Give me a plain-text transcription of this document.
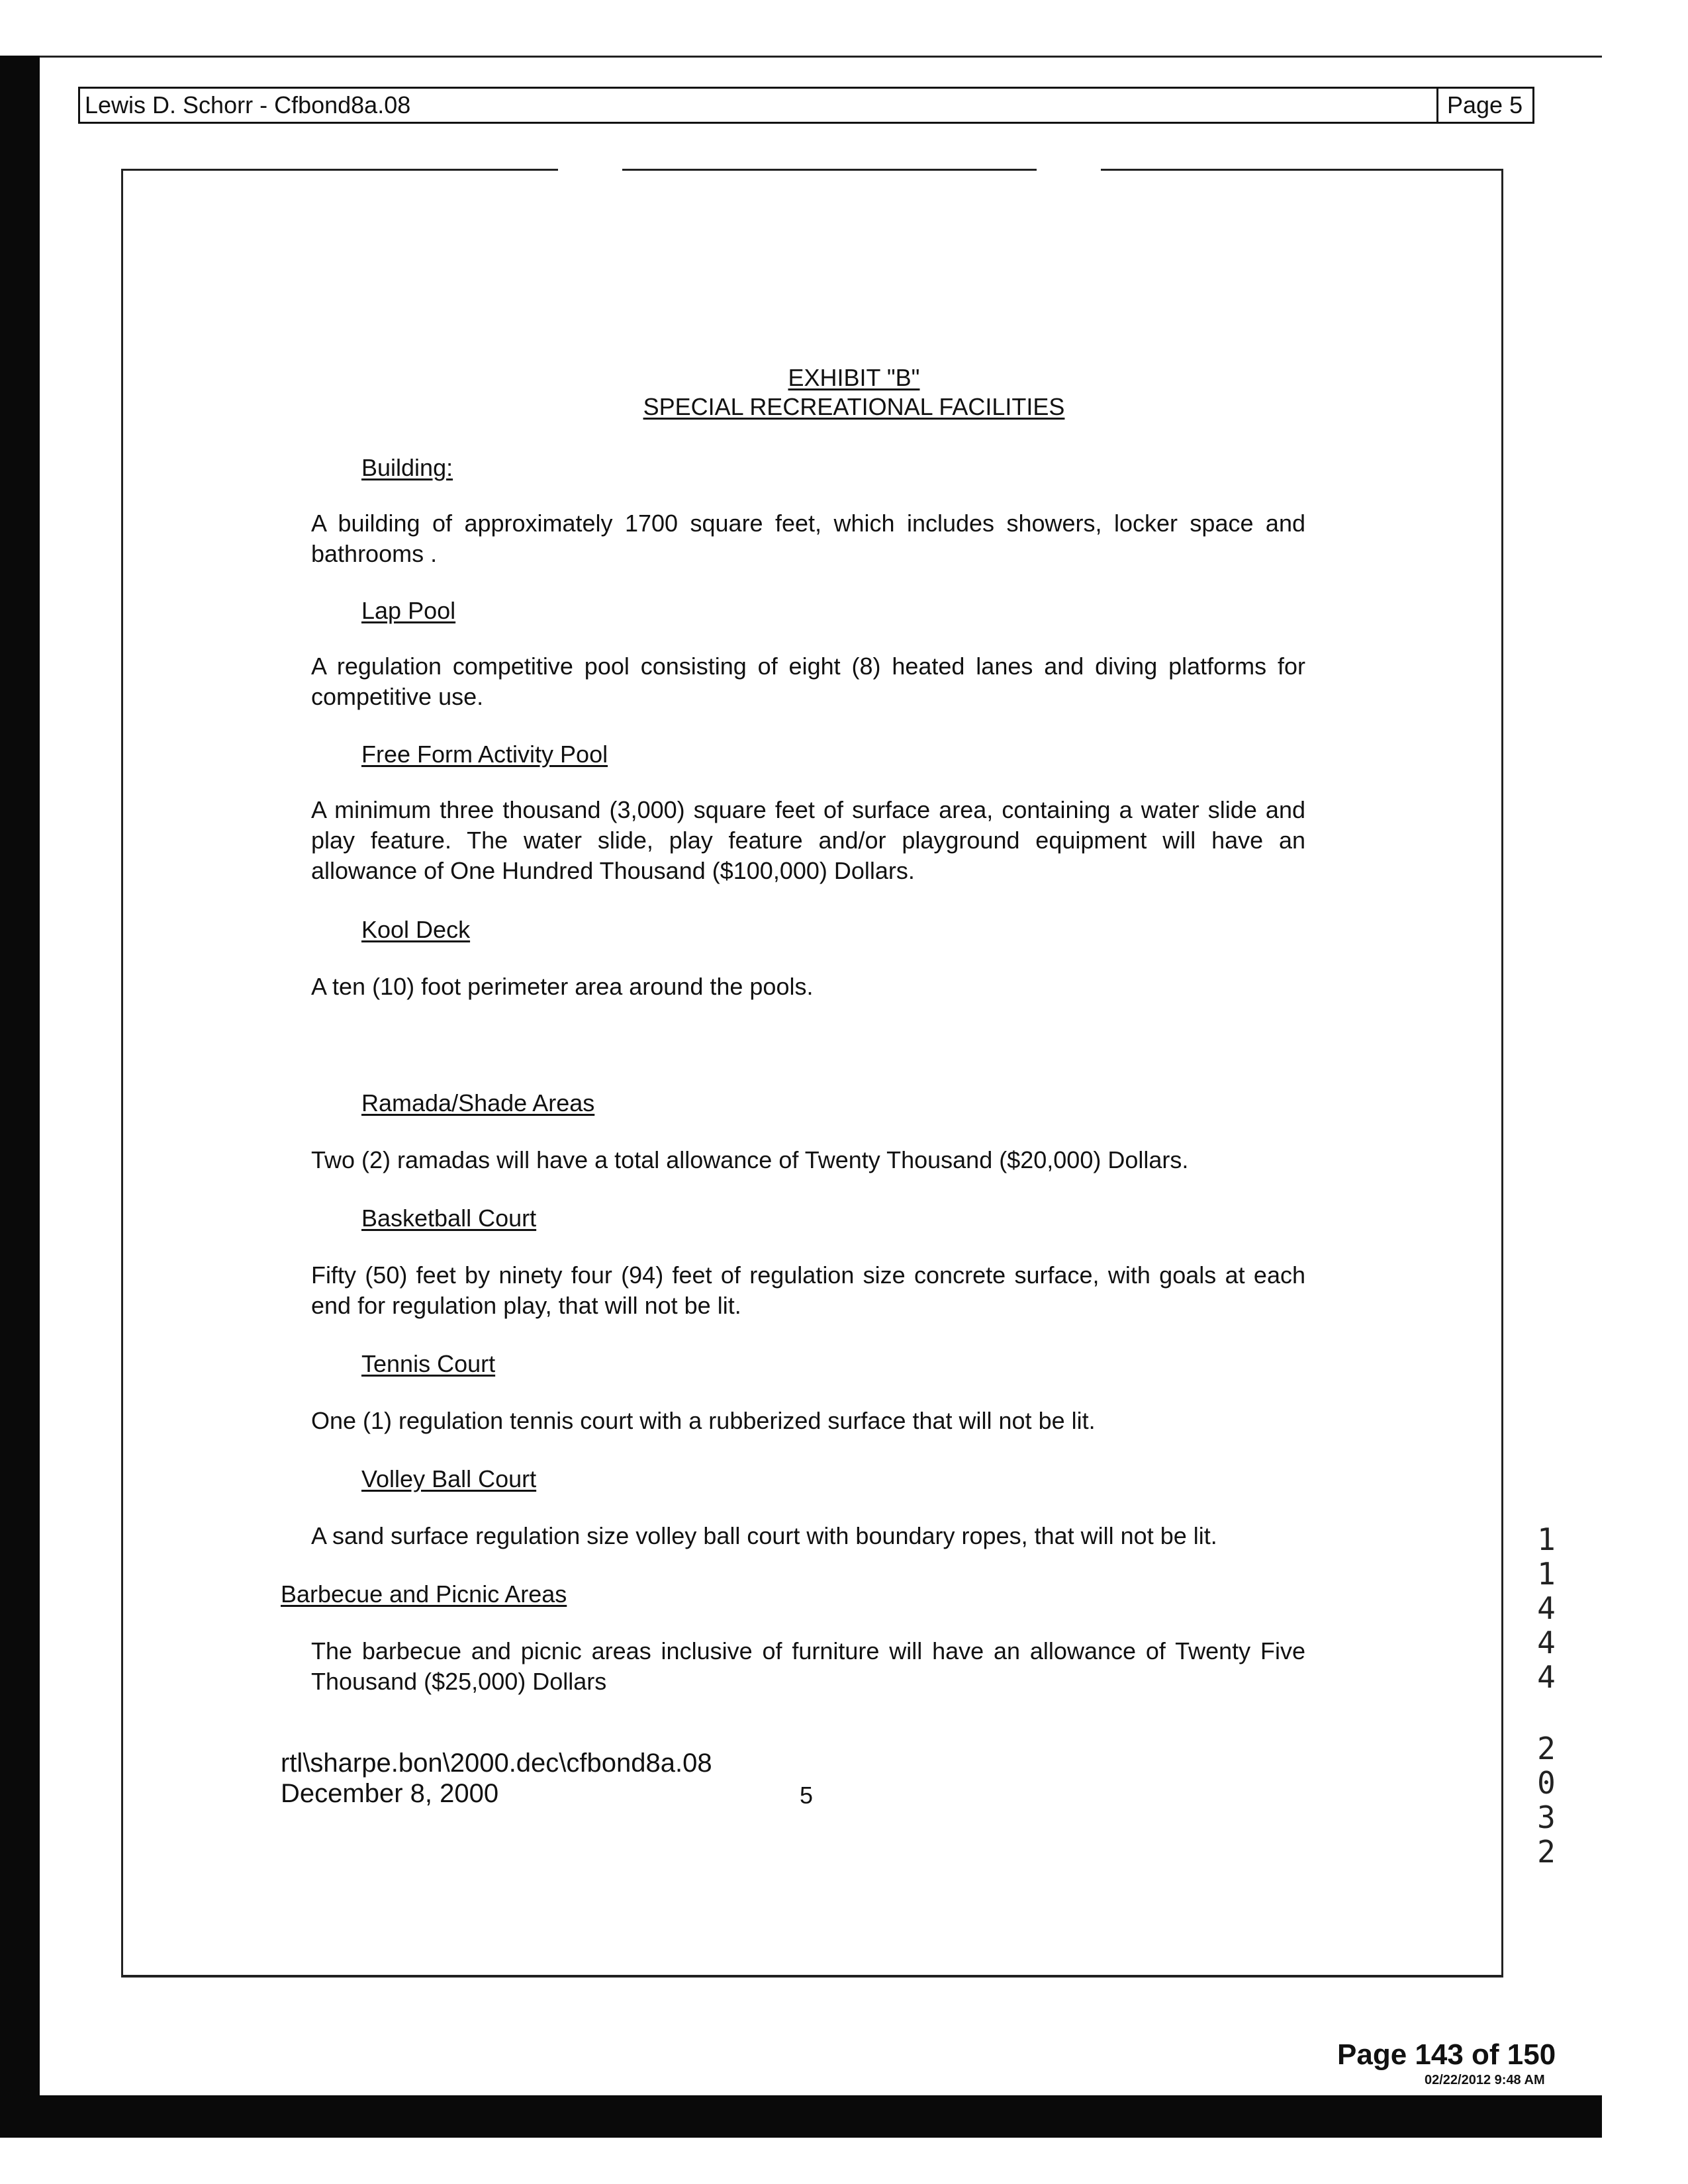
Lewis D. Schorr - Cfbond8a.08	Page 5
EXHIBIT "B"
SPECIAL RECREATIONAL FACILITIES
Building:
A building of approximately 1700 square feet, which includes showers, locker space and bathrooms .
Lap Pool
A regulation competitive pool consisting of eight (8) heated lanes and diving platforms for competitive use.
Free Form Activity Pool
A minimum three thousand (3,000) square feet of surface area, containing a water slide and play feature. The water slide, play feature and/or playground equipment will have an allowance of One Hundred Thousand ($100,000) Dollars.
Kool Deck
A ten (10) foot perimeter area around the pools.
Ramada/Shade Areas
Two (2) ramadas will have a total allowance of Twenty Thousand ($20,000) Dollars.
Basketball Court
Fifty (50) feet by ninety four (94) feet of regulation size concrete surface, with goals at each end for regulation play, that will not be lit.
Tennis Court
One (1) regulation tennis court with a rubberized surface that will not be lit.
Volley Ball Court
A sand surface regulation size volley ball court with boundary ropes, that will not be lit.
Barbecue and Picnic Areas
The barbecue and picnic areas inclusive of furniture will have an allowance of Twenty Five Thousand ($25,000) Dollars
rtl\sharpe.bon\2000.dec\cfbond8a.08
December 8, 2000	5
1
1
4
4
4
2
0
3
2
Page 143 of 150
02/22/2012 9:48 AM
